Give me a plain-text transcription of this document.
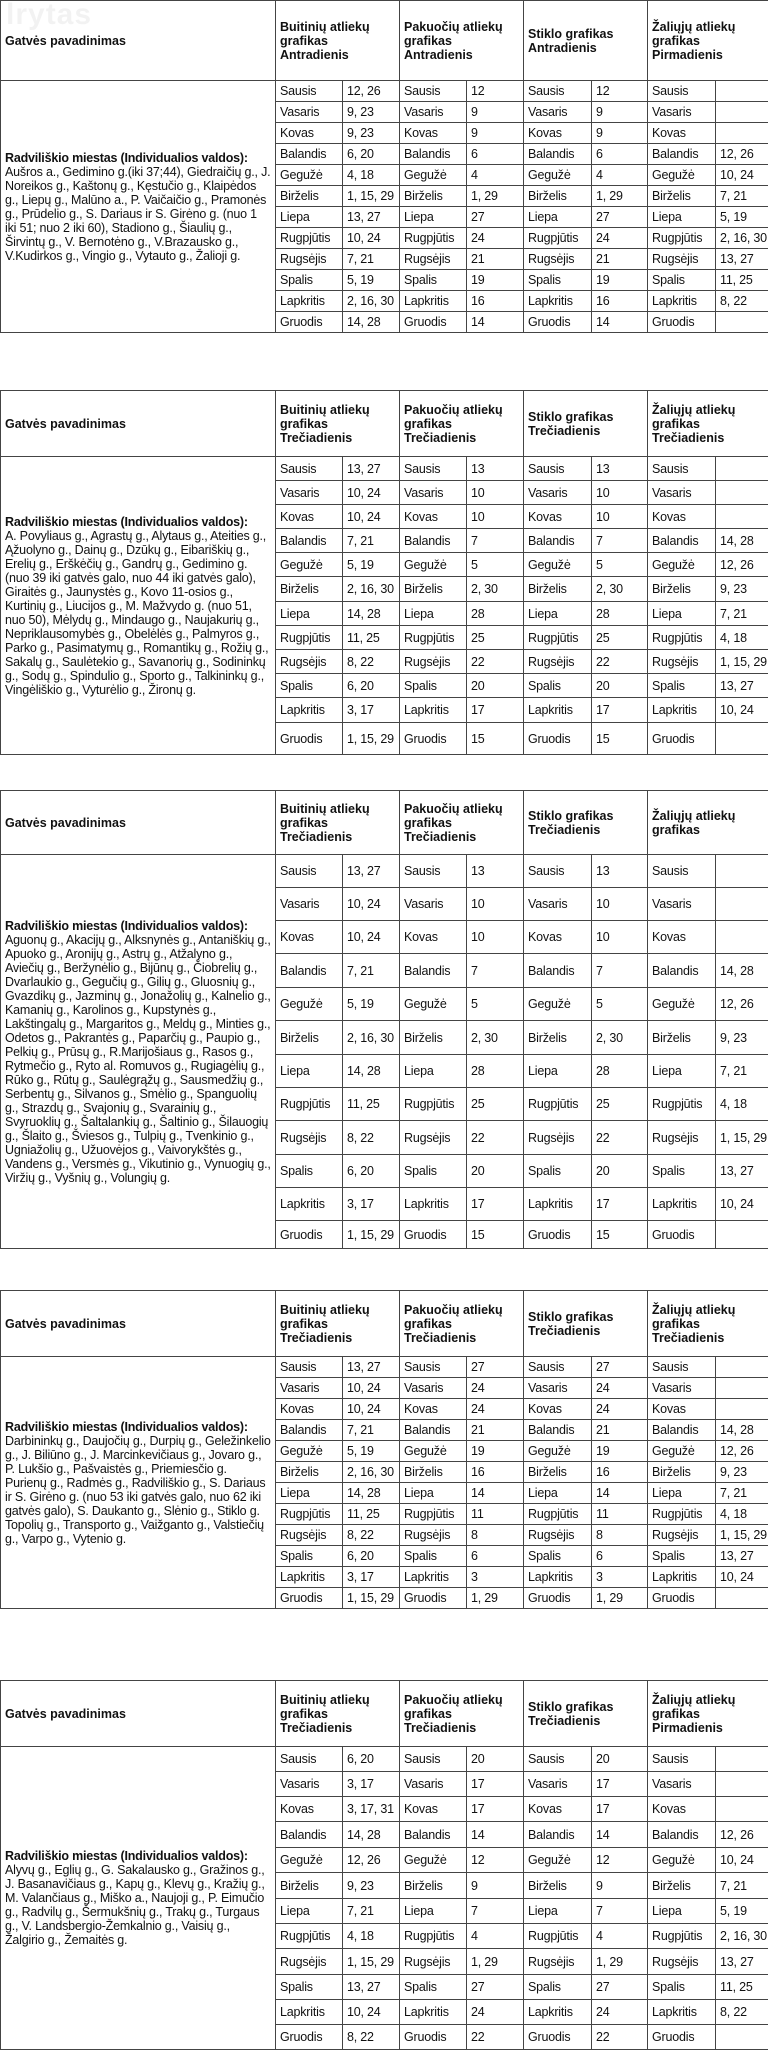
lrytas
Gatvės pavadinimas	Buitinių atliekų grafikas Antradienis		Pakuočių atliekų grafikas Antradienis		Stiklo grafikas Antradienis		Žaliųjų atliekų grafikas Pirmadienis	

Radviliškio miestas (Individualios valdos):
Aušros a., Gedimino g.(iki 37;44), Giedraičių g., J. Noreikos g., Kaštonų g., Kęstučio g., Klaipėdos g., Liepų g., Malūno a., P. Vaičaičio g., Pramonės g., Prūdelio g., S. Dariaus ir S. Girėno g. (nuo 1 iki 51; nuo 2 iki 60), Stadiono g., Šiaulių g., Širvintų g., V. Bernotėno g., V.Brazausko g., V.Kudirkos g., Vingio g., Vytauto g., Žalioji g.	Sausis	12, 26	Sausis	12	Sausis	12	Sausis	
	Vasaris	9, 23	Vasaris	9	Vasaris	9	Vasaris	
	Kovas	9, 23	Kovas	9	Kovas	9	Kovas	
	Balandis	6, 20	Balandis	6	Balandis	6	Balandis	12, 26
	Gegužė	4, 18	Gegužė	4	Gegužė	4	Gegužė	10, 24
	Birželis	1, 15, 29	Birželis	1, 29	Birželis	1, 29	Birželis	7, 21
	Liepa	13, 27	Liepa	27	Liepa	27	Liepa	5, 19
	Rugpjūtis	10, 24	Rugpjūtis	24	Rugpjūtis	24	Rugpjūtis	2, 16, 30
	Rugsėjis	7, 21	Rugsėjis	21	Rugsėjis	21	Rugsėjis	13, 27
	Spalis	5, 19	Spalis	19	Spalis	19	Spalis	11, 25
	Lapkritis	2, 16, 30	Lapkritis	16	Lapkritis	16	Lapkritis	8, 22
	Gruodis	14, 28	Gruodis	14	Gruodis	14	Gruodis	
Gatvės pavadinimas	Buitinių atliekų grafikas Trečiadienis		Pakuočių atliekų grafikas Trečiadienis		Stiklo grafikas Trečiadienis		Žaliųjų atliekų grafikas Trečiadienis	

Radviliškio miestas (Individualios valdos):
A. Povyliaus g., Agrastų g., Alytaus g., Ateities g., Ąžuolyno g., Dainų g., Dzūkų g., Eibariškių g., Erelių g., Erškėčių g., Gandrų g., Gedimino g. (nuo 39 iki gatvės galo, nuo 44 iki gatvės galo), Giraitės g., Jaunystės g., Kovo 11-osios g., Kurtinių g., Liucijos g., M. Mažvydo g. (nuo 51, nuo 50), Mėlydų g., Mindaugo g., Naujakurių g., Nepriklausomybės g., Obelėlės g., Palmyros g., Parko g., Pasimatymų g., Romantikų g., Rožių g., Sakalų g., Saulėtekio g., Savanorių g., Sodininkų g., Sodų g., Spindulio g., Sporto g., Talkininkų g., Vingėliškio g., Vyturėlio g., Žironų g.	Sausis	13, 27	Sausis	13	Sausis	13	Sausis	
	Vasaris	10, 24	Vasaris	10	Vasaris	10	Vasaris	
	Kovas	10, 24	Kovas	10	Kovas	10	Kovas	
	Balandis	7, 21	Balandis	7	Balandis	7	Balandis	14, 28
	Gegužė	5, 19	Gegužė	5	Gegužė	5	Gegužė	12, 26
	Birželis	2, 16, 30	Birželis	2, 30	Birželis	2, 30	Birželis	9, 23
	Liepa	14, 28	Liepa	28	Liepa	28	Liepa	7, 21
	Rugpjūtis	11, 25	Rugpjūtis	25	Rugpjūtis	25	Rugpjūtis	4, 18
	Rugsėjis	8, 22	Rugsėjis	22	Rugsėjis	22	Rugsėjis	1, 15, 29
	Spalis	6, 20	Spalis	20	Spalis	20	Spalis	13, 27
	Lapkritis	3, 17	Lapkritis	17	Lapkritis	17	Lapkritis	10, 24
	Gruodis	1, 15, 29	Gruodis	15	Gruodis	15	Gruodis	
Gatvės pavadinimas	Buitinių atliekų grafikas Trečiadienis		Pakuočių atliekų grafikas Trečiadienis		Stiklo grafikas Trečiadienis		Žaliųjų atliekų grafikas	

Radviliškio miestas (Individualios valdos):
Aguonų g., Akacijų g., Alksnynės g., Antaniškių g., Apuoko g., Aronijų g., Astrų g., Atžalyno g., Aviečių g., Beržynėlio g., Bijūnų g., Čiobrelių g., Dvarlaukio g., Gegučių g., Gilių g., Gluosnių g., Gvazdikų g., Jazminų g., Jonažolių g., Kalnelio g., Kamanių g., Karolinos g., Kupstynės g., Lakštingalų g., Margaritos g., Meldų g., Minties g., Odetos g., Pakrantės g., Paparčių g., Paupio g., Pelkių g., Prūsų g., R.Marijošiaus g., Rasos g., Rytmečio g., Ryto al. Romuvos g., Rugiagėlių g., Rūko g., Rūtų g., Saulėgrąžų g., Sausmedžių g., Serbentų g., Silvanos g., Smėlio g., Spanguolių g., Strazdų g., Svajonių g., Svarainių g., Svyruoklių g., Šaltalankių g., Šaltinio g., Šilauogių g., Šlaito g., Šviesos g., Tulpių g., Tvenkinio g., Ugniažolių g., Užuovėjos g., Vaivorykštės g., Vandens g., Versmės g., Vikutinio g., Vynuogių g., Viržių g., Vyšnių g., Volungių g.	Sausis	13, 27	Sausis	13	Sausis	13	Sausis	
	Vasaris	10, 24	Vasaris	10	Vasaris	10	Vasaris	
	Kovas	10, 24	Kovas	10	Kovas	10	Kovas	
	Balandis	7, 21	Balandis	7	Balandis	7	Balandis	14, 28
	Gegužė	5, 19	Gegužė	5	Gegužė	5	Gegužė	12, 26
	Birželis	2, 16, 30	Birželis	2, 30	Birželis	2, 30	Birželis	9, 23
	Liepa	14, 28	Liepa	28	Liepa	28	Liepa	7, 21
	Rugpjūtis	11, 25	Rugpjūtis	25	Rugpjūtis	25	Rugpjūtis	4, 18
	Rugsėjis	8, 22	Rugsėjis	22	Rugsėjis	22	Rugsėjis	1, 15, 29
	Spalis	6, 20	Spalis	20	Spalis	20	Spalis	13, 27
	Lapkritis	3, 17	Lapkritis	17	Lapkritis	17	Lapkritis	10, 24
	Gruodis	1, 15, 29	Gruodis	15	Gruodis	15	Gruodis	
Gatvės pavadinimas	Buitinių atliekų grafikas Trečiadienis		Pakuočių atliekų grafikas Trečiadienis		Stiklo grafikas Trečiadienis		Žaliųjų atliekų grafikas Trečiadienis	

Radviliškio miestas (Individualios valdos):
Darbininkų g., Daujočių g., Durpių g., Geležinkelio g., J. Biliūno g., J. Marcinkevičiaus g., Jovaro g., P. Lukšio g., Pašvaistės g., Priemiesčio g. Purienų g., Radmės g., Radviliškio g., S. Dariaus ir S. Girėno g. (nuo 53 iki gatvės galo, nuo 62 iki gatvės galo), S. Daukanto g., Slėnio g., Stiklo g. Topolių g., Transporto g., Vaižganto g., Valstiečių g., Varpo g., Vytenio g.	Sausis	13, 27	Sausis	27	Sausis	27	Sausis	
	Vasaris	10, 24	Vasaris	24	Vasaris	24	Vasaris	
	Kovas	10, 24	Kovas	24	Kovas	24	Kovas	
	Balandis	7, 21	Balandis	21	Balandis	21	Balandis	14, 28
	Gegužė	5, 19	Gegužė	19	Gegužė	19	Gegužė	12, 26
	Birželis	2, 16, 30	Birželis	16	Birželis	16	Birželis	9, 23
	Liepa	14, 28	Liepa	14	Liepa	14	Liepa	7, 21
	Rugpjūtis	11, 25	Rugpjūtis	11	Rugpjūtis	11	Rugpjūtis	4, 18
	Rugsėjis	8, 22	Rugsėjis	8	Rugsėjis	8	Rugsėjis	1, 15, 29
	Spalis	6, 20	Spalis	6	Spalis	6	Spalis	13, 27
	Lapkritis	3, 17	Lapkritis	3	Lapkritis	3	Lapkritis	10, 24
	Gruodis	1, 15, 29	Gruodis	1, 29	Gruodis	1, 29	Gruodis	
Gatvės pavadinimas	Buitinių atliekų grafikas Trečiadienis		Pakuočių atliekų grafikas Trečiadienis		Stiklo grafikas Trečiadienis		Žaliųjų atliekų grafikas Pirmadienis	

Radviliškio miestas (Individualios valdos):
Alyvų g., Eglių g., G. Sakalausko g., Gražinos g., J. Basanavičiaus g., Kapų g., Klevų g., Kražių g., M. Valančiaus g., Miško a., Naujoji g., P. Eimučio g., Radvilų g., Šermukšnių g., Trakų g., Turgaus g., V. Landsbergio-Žemkalnio g., Vaisių g., Žalgirio g., Žemaitės g.	Sausis	6, 20	Sausis	20	Sausis	20	Sausis	
	Vasaris	3, 17	Vasaris	17	Vasaris	17	Vasaris	
	Kovas	3, 17, 31	Kovas	17	Kovas	17	Kovas	
	Balandis	14, 28	Balandis	14	Balandis	14	Balandis	12, 26
	Gegužė	12, 26	Gegužė	12	Gegužė	12	Gegužė	10, 24
	Birželis	9, 23	Birželis	9	Birželis	9	Birželis	7, 21
	Liepa	7, 21	Liepa	7	Liepa	7	Liepa	5, 19
	Rugpjūtis	4, 18	Rugpjūtis	4	Rugpjūtis	4	Rugpjūtis	2, 16, 30
	Rugsėjis	1, 15, 29	Rugsėjis	1, 29	Rugsėjis	1, 29	Rugsėjis	13, 27
	Spalis	13, 27	Spalis	27	Spalis	27	Spalis	11, 25
	Lapkritis	10, 24	Lapkritis	24	Lapkritis	24	Lapkritis	8, 22
	Gruodis	8, 22	Gruodis	22	Gruodis	22	Gruodis	
